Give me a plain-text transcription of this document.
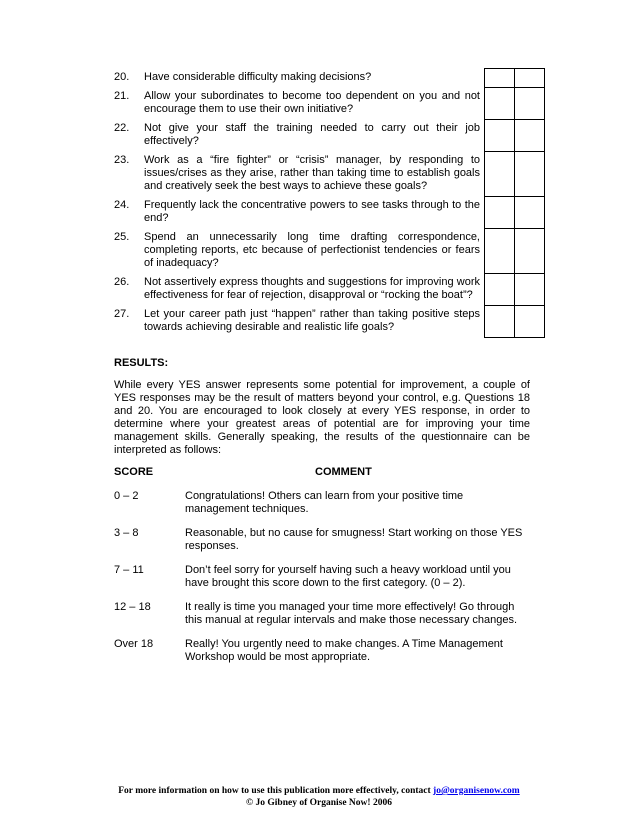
20.	Have considerable difficulty making decisions?		
21.	Allow your subordinates to become too dependent on you and not encourage them to use their own initiative?		
22.	Not give your staff the training needed to carry out their job effectively?		
23.	Work as a “fire fighter” or “crisis” manager, by responding to issues/crises as they arise, rather than taking time to establish goals and creatively seek the best ways to achieve these goals?		
24.	Frequently lack the concentrative powers to see tasks through to the end?		
25.	Spend an unnecessarily long time drafting correspondence, completing reports, etc because of perfectionist tendencies or fears of inadequacy?		
26.	Not assertively express thoughts and suggestions for improving work effectiveness for fear of rejection, disapproval or “rocking the boat”?		
27.	Let your career path just “happen” rather than taking positive steps towards achieving desirable and realistic life goals?		
RESULTS:

While every YES answer represents some potential for improvement, a couple of YES responses may be the result of matters beyond your control, e.g. Questions 18 and 20. You are encouraged to look closely at every YES response, in order to determine where your greatest areas of potential are for improving your time management skills. Generally speaking, the results of the questionnaire can be interpreted as follows:

SCORE	COMMENT
0 – 2	Congratulations! Others can learn from your positive time management techniques.
3 – 8	Reasonable, but no cause for smugness! Start working on those YES responses.
7 – 11	Don’t feel sorry for yourself having such a heavy workload until you have brought this score down to the first category. (0 – 2).
12 – 18	It really is time you managed your time more effectively! Go through this manual at regular intervals and make those necessary changes.
Over 18	Really! You urgently need to make changes. A Time Management Workshop would be most appropriate.
For more information on how to use this publication more effectively, contact jo@organisenow.com
© Jo Gibney of Organise Now! 2006
